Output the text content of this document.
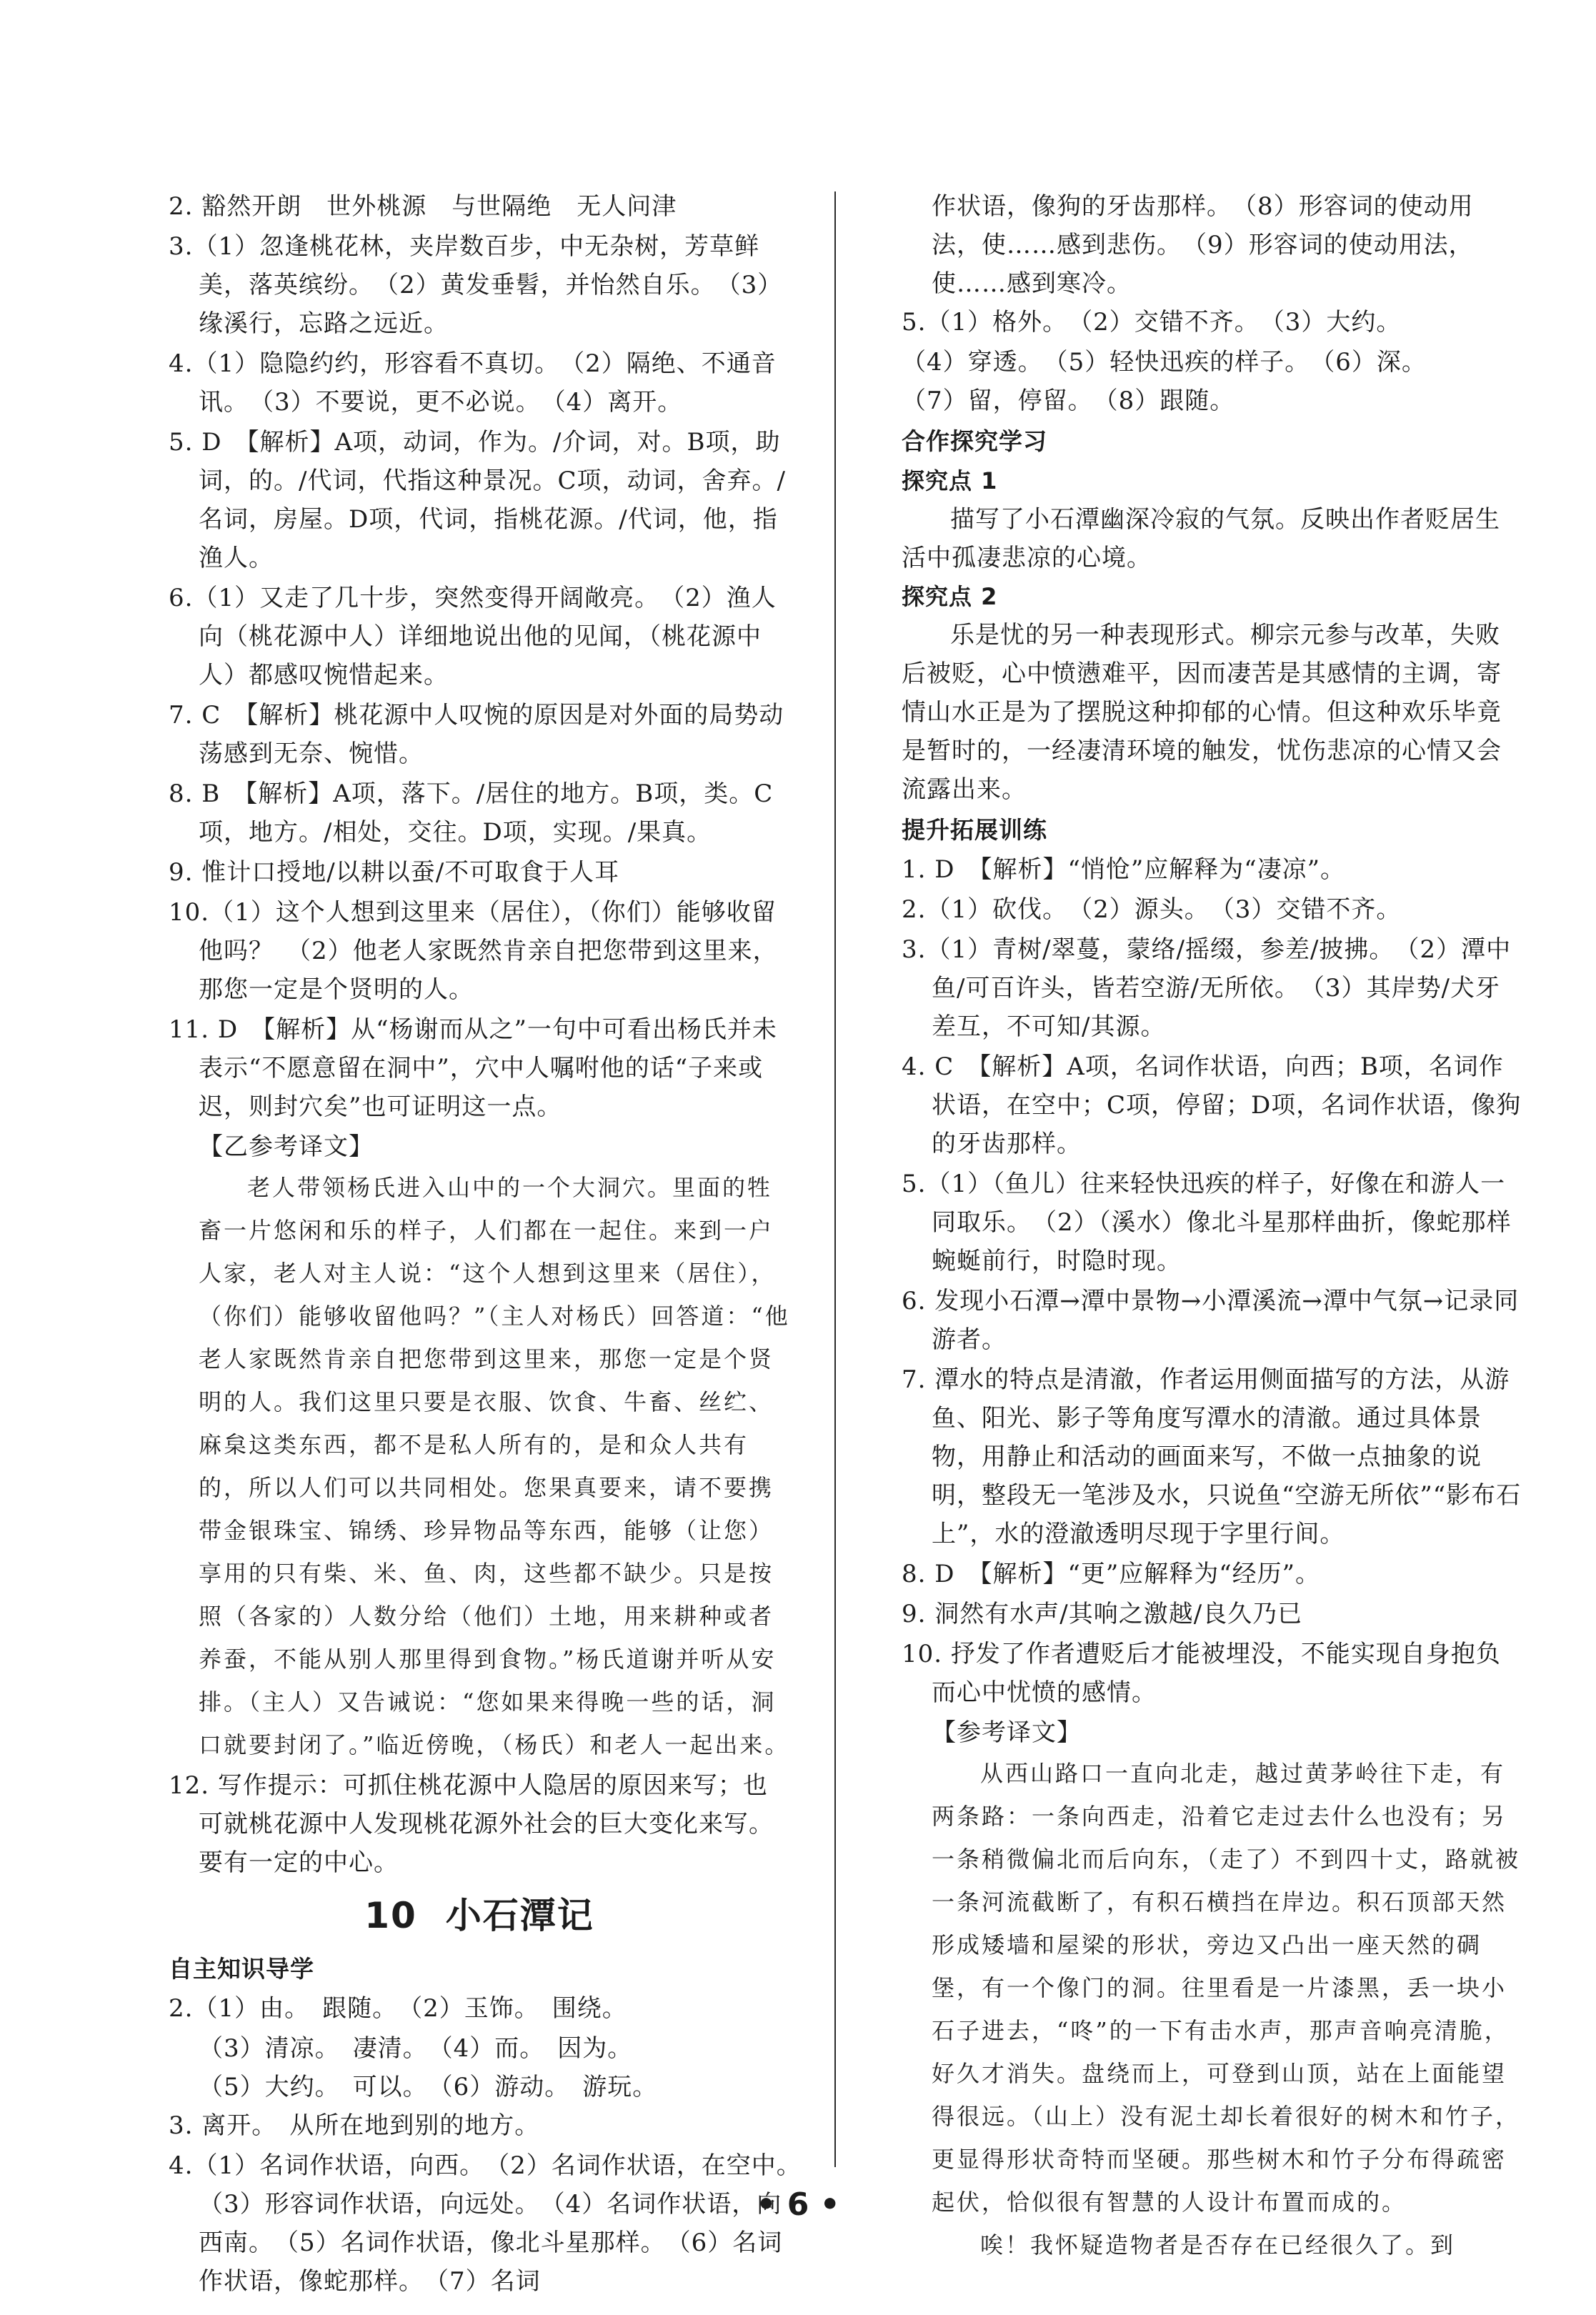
2. 豁然开朗　世外桃源　与世隔绝　无人问津
3.（1）忽逢桃花林，夹岸数百步，中无杂树，芳草鲜美，落英缤纷。　（2）黄发垂髫，并怡然自乐。　（3）缘溪行，忘路之远近。
4.（1）隐隐约约，形容看不真切。　（2）隔绝、不通音讯。　（3）不要说，更不必说。　（4）离开。
5. D　【解析】A项，动词，作为。/介词，对。B项，助词，的。/代词，代指这种景况。C项，动词，舍弃。/名词，房屋。D项，代词，指桃花源。/代词，他，指渔人。
6.（1）又走了几十步，突然变得开阔敞亮。　（2）渔人向（桃花源中人）详细地说出他的见闻，（桃花源中人）都感叹惋惜起来。
7. C　【解析】桃花源中人叹惋的原因是对外面的局势动荡感到无奈、惋惜。
8. B　【解析】A项，落下。/居住的地方。B项，类。C项，地方。/相处，交往。D项，实现。/果真。
9. 惟计口授地/以耕以蚕/不可取食于人耳
10.（1）这个人想到这里来（居住），（你们）能够收留他吗？　（2）他老人家既然肯亲自把您带到这里来，那您一定是个贤明的人。
11. D　【解析】从“杨谢而从之”一句中可看出杨氏并未表示“不愿意留在洞中”，穴中人嘱咐他的话“子来或迟，则封穴矣”也可证明这一点。
【乙参考译文】
老人带领杨氏进入山中的一个大洞穴。里面的牲畜一片悠闲和乐的样子，人们都在一起住。来到一户人家，老人对主人说：“这个人想到这里来（居住），（你们）能够收留他吗？”（主人对杨氏）回答道：“他老人家既然肯亲自把您带到这里来，那您一定是个贤明的人。我们这里只要是衣服、饮食、牛畜、丝纻、麻枲这类东西，都不是私人所有的，是和众人共有的，所以人们可以共同相处。您果真要来，请不要携带金银珠宝、锦绣、珍异物品等东西，能够（让您）享用的只有柴、米、鱼、肉，这些都不缺少。只是按照（各家的）人数分给（他们）土地，用来耕种或者养蚕，不能从别人那里得到食物。”杨氏道谢并听从安排。（主人）又告诫说：“您如果来得晚一些的话，洞口就要封闭了。”临近傍晚，（杨氏）和老人一起出来。
12. 写作提示：可抓住桃花源中人隐居的原因来写；也可就桃花源中人发现桃花源外社会的巨大变化来写。要有一定的中心。
10 小石潭记
自主知识导学
2.（1）由。　跟随。　（2）玉饰。　围绕。
（3）清凉。　凄清。　（4）而。　因为。
（5）大约。　可以。　（6）游动。　游玩。
3. 离开。　从所在地到别的地方。
4.（1）名词作状语，向西。　（2）名词作状语，在空中。　（3）形容词作状语，向远处。　（4）名词作状语，向西南。　（5）名词作状语，像北斗星那样。　（6）名词作状语，像蛇那样。　（7）名词
作状语，像狗的牙齿那样。　（8）形容词的使动用法，使……感到悲伤。　（9）形容词的使动用法，使……感到寒冷。
5.（1）格外。　（2）交错不齐。　（3）大约。
（4）穿透。　（5）轻快迅疾的样子。　（6）深。
（7）留，停留。　（8）跟随。
合作探究学习
探究点 1
描写了小石潭幽深冷寂的气氛。反映出作者贬居生活中孤凄悲凉的心境。
探究点 2
乐是忧的另一种表现形式。柳宗元参与改革，失败后被贬，心中愤懑难平，因而凄苦是其感情的主调，寄情山水正是为了摆脱这种抑郁的心情。但这种欢乐毕竟是暂时的，一经凄清环境的触发，忧伤悲凉的心情又会流露出来。
提升拓展训练
1. D　【解析】“悄怆”应解释为“凄凉”。
2.（1）砍伐。　（2）源头。　（3）交错不齐。
3.（1）青树/翠蔓，蒙络/摇缀，参差/披拂。　（2）潭中鱼/可百许头，皆若空游/无所依。　（3）其岸势/犬牙差互，不可知/其源。
4. C　【解析】A项，名词作状语，向西；B项，名词作状语，在空中；C项，停留；D项，名词作状语，像狗的牙齿那样。
5.（1）（鱼儿）往来轻快迅疾的样子，好像在和游人一同取乐。　（2）（溪水）像北斗星那样曲折，像蛇那样蜿蜒前行，时隐时现。
6. 发现小石潭→潭中景物→小潭溪流→潭中气氛→记录同游者。
7. 潭水的特点是清澈，作者运用侧面描写的方法，从游鱼、阳光、影子等角度写潭水的清澈。通过具体景物，用静止和活动的画面来写，不做一点抽象的说明，整段无一笔涉及水，只说鱼“空游无所依”“影布石上”，水的澄澈透明尽现于字里行间。
8. D　【解析】“更”应解释为“经历”。
9. 洞然有水声/其响之激越/良久乃已
10. 抒发了作者遭贬后才能被埋没，不能实现自身抱负而心中忧愤的感情。
【参考译文】
从西山路口一直向北走，越过黄茅岭往下走，有两条路：一条向西走，沿着它走过去什么也没有；另一条稍微偏北而后向东，（走了）不到四十丈，路就被一条河流截断了，有积石横挡在岸边。积石顶部天然形成矮墙和屋梁的形状，旁边又凸出一座天然的碉堡，有一个像门的洞。往里看是一片漆黑，丢一块小石子进去，“咚”的一下有击水声，那声音响亮清脆，好久才消失。盘绕而上，可登到山顶，站在上面能望得很远。（山上）没有泥土却长着很好的树木和竹子，更显得形状奇特而坚硬。那些树木和竹子分布得疏密起伏，恰似很有智慧的人设计布置而成的。
唉！我怀疑造物者是否存在已经很久了。到
• 6 •
